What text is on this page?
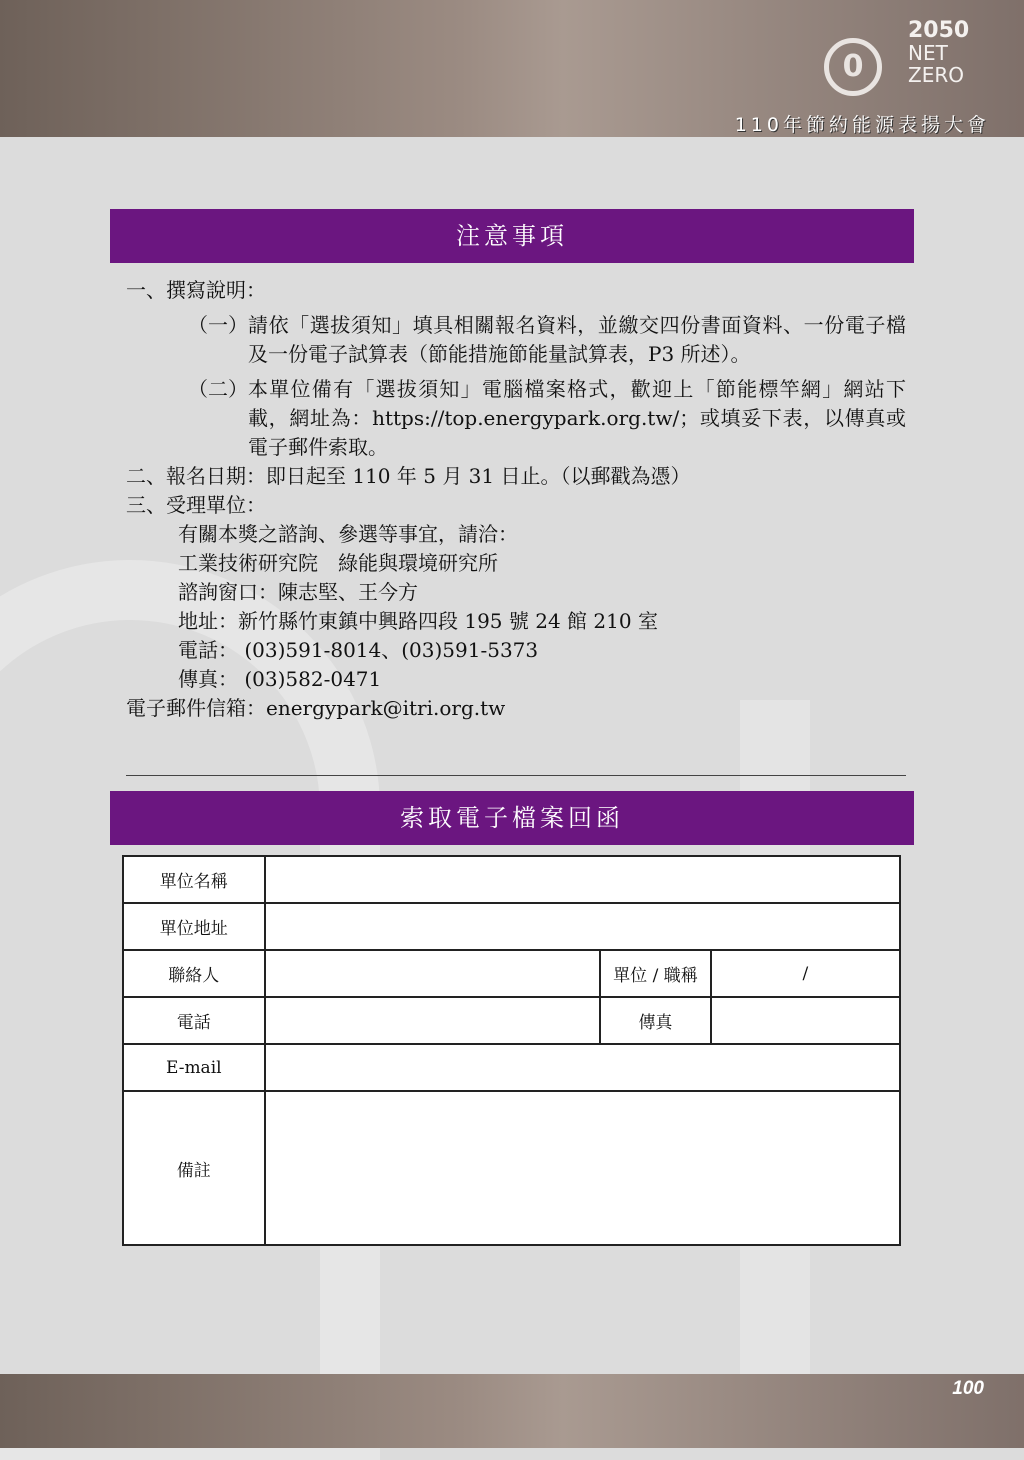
0
2050
NET
ZERO
110年節約能源表揚大會
注意事項

一、撰寫說明：

（一） 請依「選拔須知」填具相關報名資料，並繳交四份書面資料、一份電子檔及一份電子試算表（節能措施節能量試算表，P3 所述）。
（二） 本單位備有「選拔須知」電腦檔案格式，歡迎上「節能標竿網」網站下載，網址為：https://top.energypark.org.tw/；或填妥下表，以傳真或電子郵件索取。

二、報名日期：即日起至 110 年 5 月 31 日止。（以郵戳為憑）

三、受理單位：

有關本獎之諮詢、參選等事宜，請洽：

工業技術研究院　綠能與環境研究所

諮詢窗口：陳志堅、王今方

地址：新竹縣竹東鎮中興路四段 195 號 24 館 210 室

電話： (03)591-8014、(03)591-5373

傳真： (03)582-0471

電子郵件信箱：energypark@itri.org.tw

索取電子檔案回函
單位名稱			
單位地址			
聯絡人		單位 / 職稱	/
電話		傳真	
E-mail			
備註			
100
